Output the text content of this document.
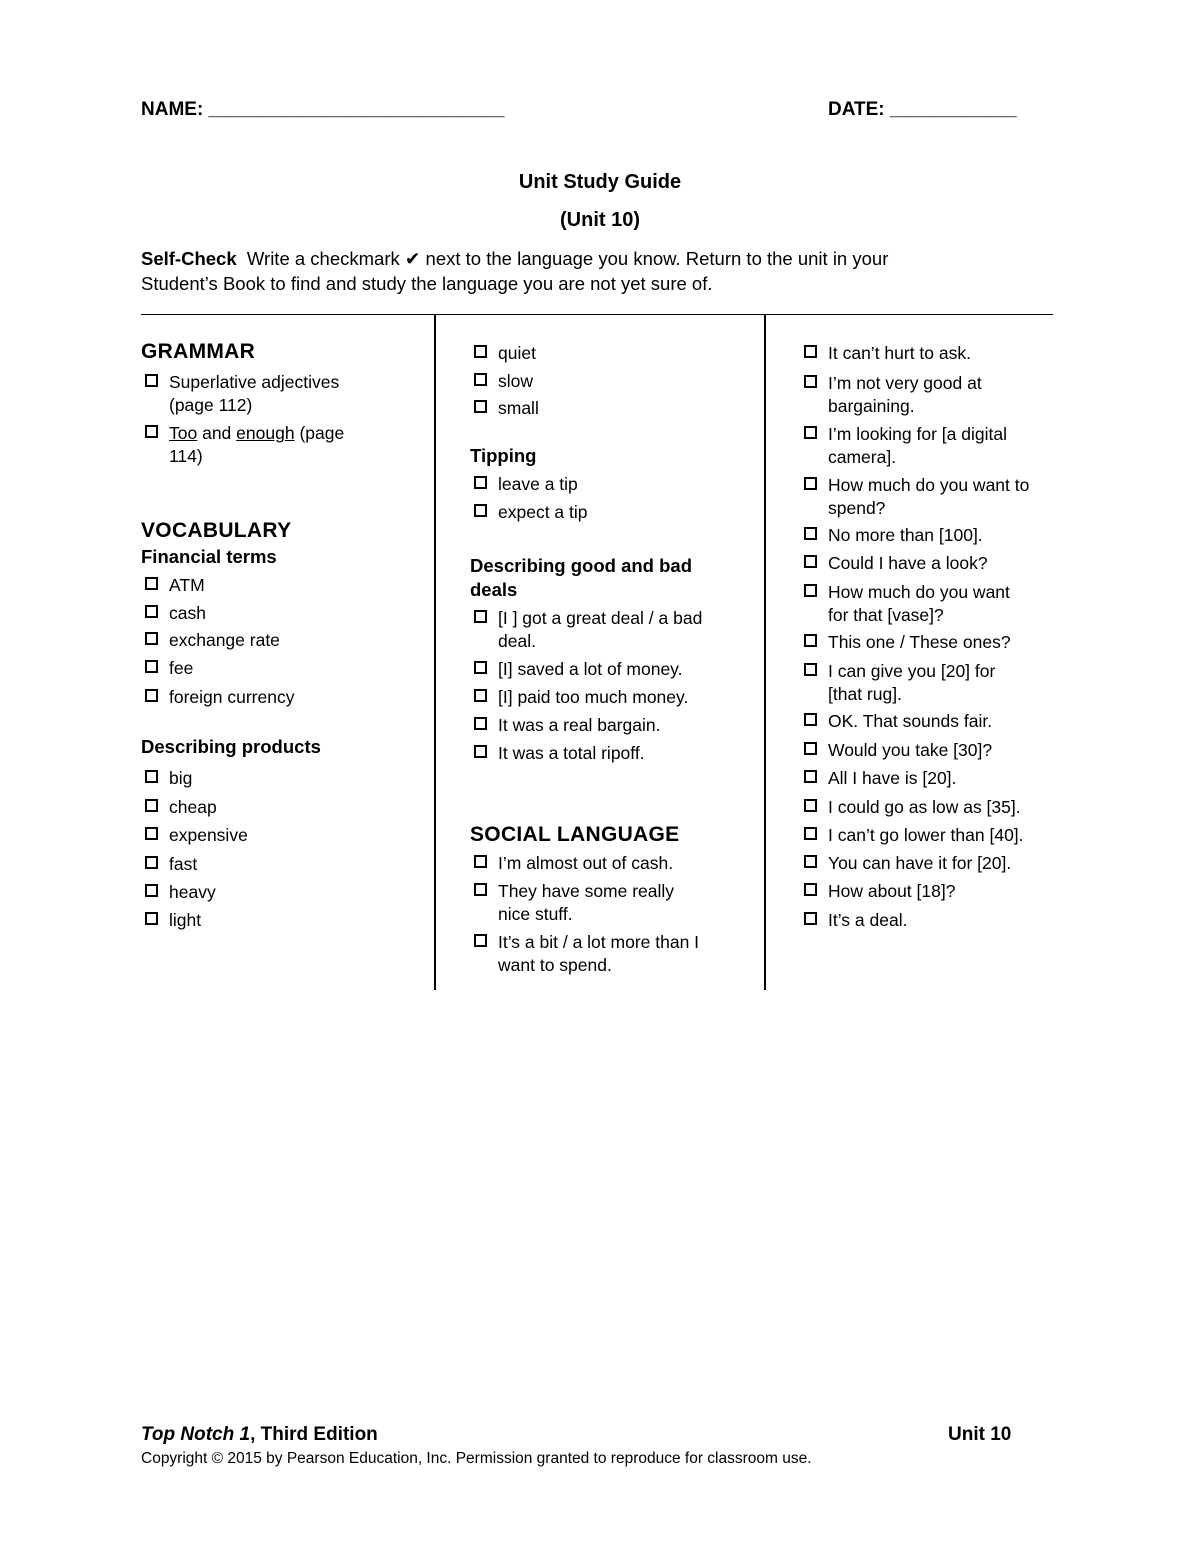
NAME: ____________________________	DATE: ____________
Unit Study Guide
(Unit 10)
Self-Check Write a checkmark ✔ next to the language you know. Return to the unit in your
Student’s Book to find and study the language you are not yet sure of.
GRAMMAR
Superlative adjectives
(page 112)
Too and enough (page
114)
VOCABULARY
Financial terms
ATM
cash
exchange rate
fee
foreign currency
Describing products
big
cheap
expensive
fast
heavy
light
quiet
slow
small
Tipping
leave a tip
expect a tip
Describing good and bad
deals
[I ] got a great deal / a bad
deal.
[I] saved a lot of money.
[I] paid too much money.
It was a real bargain.
It was a total ripoff.
SOCIAL LANGUAGE
I’m almost out of cash.
They have some really
nice stuff.
It’s a bit / a lot more than I
want to spend.
It can’t hurt to ask.
I’m not very good at
bargaining.
I’m looking for [a digital
camera].
How much do you want to
spend?
No more than [100].
Could I have a look?
How much do you want
for that [vase]?
This one / These ones?
I can give you [20] for
[that rug].
OK. That sounds fair.
Would you take [30]?
All I have is [20].
I could go as low as [35].
I can’t go lower than [40].
You can have it for [20].
How about [18]?
It’s a deal.
Top Notch 1, Third Edition	Unit 10
Copyright © 2015 by Pearson Education, Inc. Permission granted to reproduce for classroom use.
